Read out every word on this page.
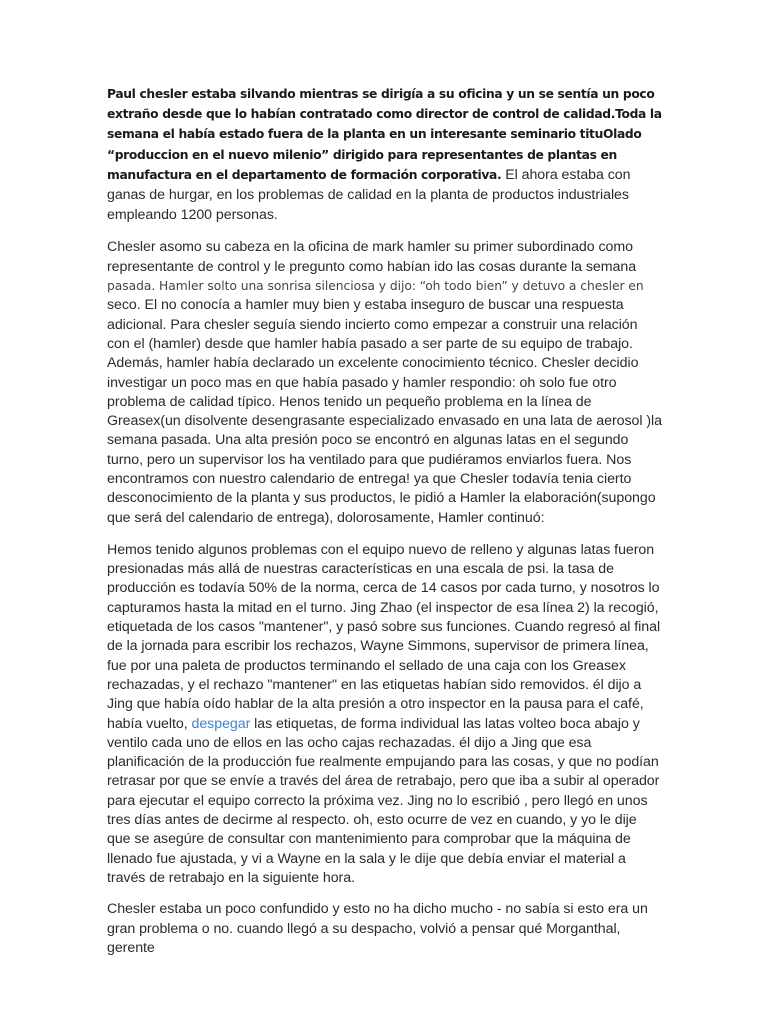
Paul chesler estaba silvando mientras se dirigía a su oficina y un se sentía un poco extraño desde que lo habían contratado como director de control de calidad.Toda la semana el había estado fuera de la planta en un interesante seminario tituOlado “produccion en el nuevo milenio” dirigido para representantes de plantas en manufactura en el departamento de formación corporativa. El ahora estaba con ganas de hurgar, en los problemas de calidad en la planta de productos industriales empleando 1200 personas.

Chesler asomo su cabeza en la oficina de mark hamler su primer subordinado como representante de control y le pregunto como habían ido las cosas durante la semana pasada. Hamler solto una sonrisa silenciosa y dijo: “oh todo bien” y detuvo a chesler en seco. El no conocía a hamler muy bien y estaba inseguro de buscar una respuesta adicional. Para chesler seguía siendo incierto como empezar a construir una relación con el (hamler) desde que hamler había pasado a ser parte de su equipo de trabajo. Además, hamler había declarado un excelente conocimiento técnico. Chesler decidio investigar un poco mas en que había pasado y hamler respondio: oh solo fue otro problema de calidad típico. Henos tenido un pequeño problema en la línea de Greasex(un disolvente desengrasante especializado envasado en una lata de aerosol )la semana pasada. Una alta presión poco se encontró en algunas latas en el segundo turno, pero un supervisor los ha ventilado para que pudiéramos enviarlos fuera. Nos encontramos con nuestro calendario de entrega! ya que Chesler todavía tenia cierto desconocimiento de la planta y sus productos, le pidió a Hamler la elaboración(supongo que será del calendario de entrega), dolorosamente, Hamler continuó:

Hemos tenido algunos problemas con el equipo nuevo de relleno y algunas latas fueron presionadas más allá de nuestras características en una escala de psi. la tasa de producción es todavía 50% de la norma, cerca de 14 casos por cada turno, y nosotros lo capturamos hasta la mitad en el turno. Jing Zhao (el inspector de esa línea 2) la recogió, etiquetada de los casos "mantener", y pasó sobre sus funciones. Cuando regresó al final de la jornada para escribir los rechazos, Wayne Simmons, supervisor de primera línea, fue por una paleta de productos terminando el sellado de una caja con los Greasex rechazadas, y el rechazo "mantener" en las etiquetas habían sido removidos. él dijo a Jing que había oído hablar de la alta presión a otro inspector en la pausa para el café, había vuelto, despegar las etiquetas, de forma individual las latas volteo boca abajo y ventilo cada uno de ellos en las ocho cajas rechazadas. él dijo a Jing que esa planificación de la producción fue realmente empujando para las cosas, y que no podían retrasar por que se envíe a través del área de retrabajo, pero que iba a subir al operador para ejecutar el equipo correcto la próxima vez. Jing no lo escribió , pero llegó en unos tres días antes de decirme al respecto. oh, esto ocurre de vez en cuando, y yo le dije que se asegúre de consultar con mantenimiento para comprobar que la máquina de llenado fue ajustada, y vi a Wayne en la sala y le dije que debía enviar el material a través de retrabajo en la siguiente hora.

Chesler estaba un poco confundido y esto no ha dicho mucho - no sabía si esto era un gran problema o no. cuando llegó a su despacho, volvió a pensar qué Morganthal, gerente
